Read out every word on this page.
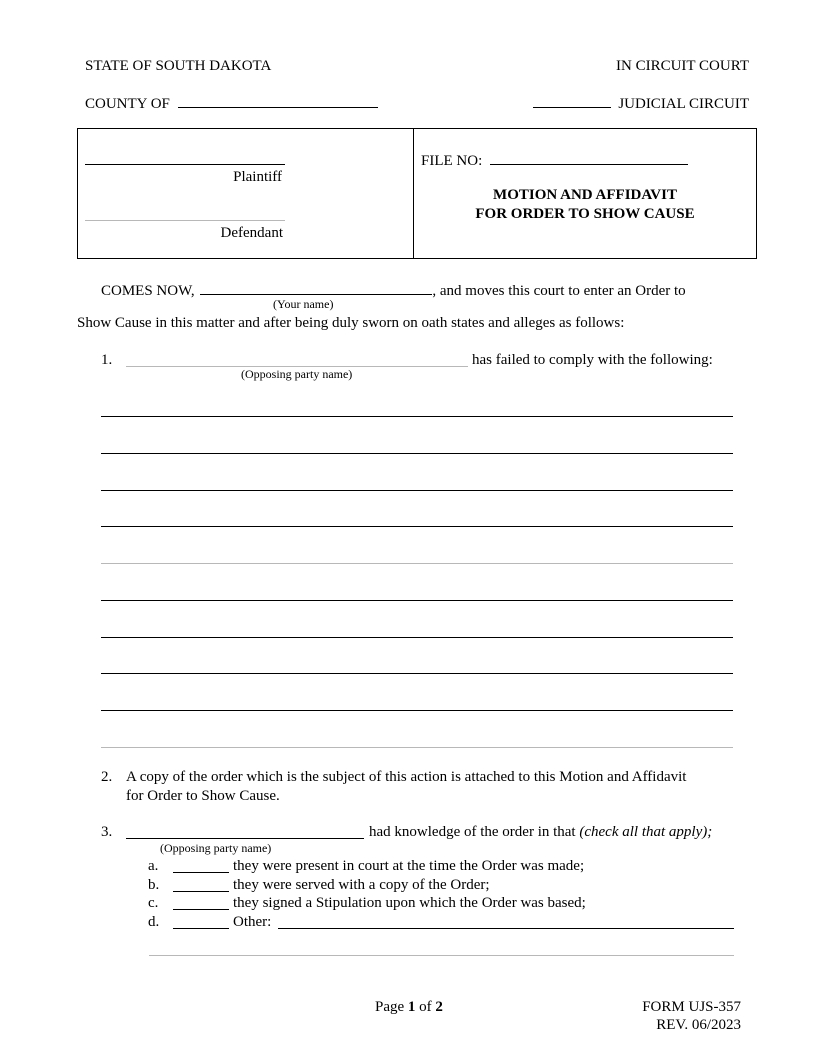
STATE OF SOUTH DAKOTA	IN CIRCUIT COURT
COUNTY OF	JUDICIAL CIRCUIT
Plaintiff
Defendant
FILE NO:
MOTION AND AFFIDAVIT
FOR ORDER TO SHOW CAUSE
COMES NOW,	, and moves this court to enter an Order to
(Your name)
Show Cause in this matter and after being duly sworn on oath states and alleges as follows:
1.	has failed to comply with the following:
(Opposing party name)
2. A copy of the order which is the subject of this action is attached to this Motion and Affidavit
for Order to Show Cause.
3.	had knowledge of the order in that (check all that apply);
(Opposing party name)
a.	they were present in court at the time the Order was made;
b.	they were served with a copy of the Order;
c.	they signed a Stipulation upon which the Order was based;
d.	Other:
Page 1 of 2	FORM UJS-357
REV. 06/2023
